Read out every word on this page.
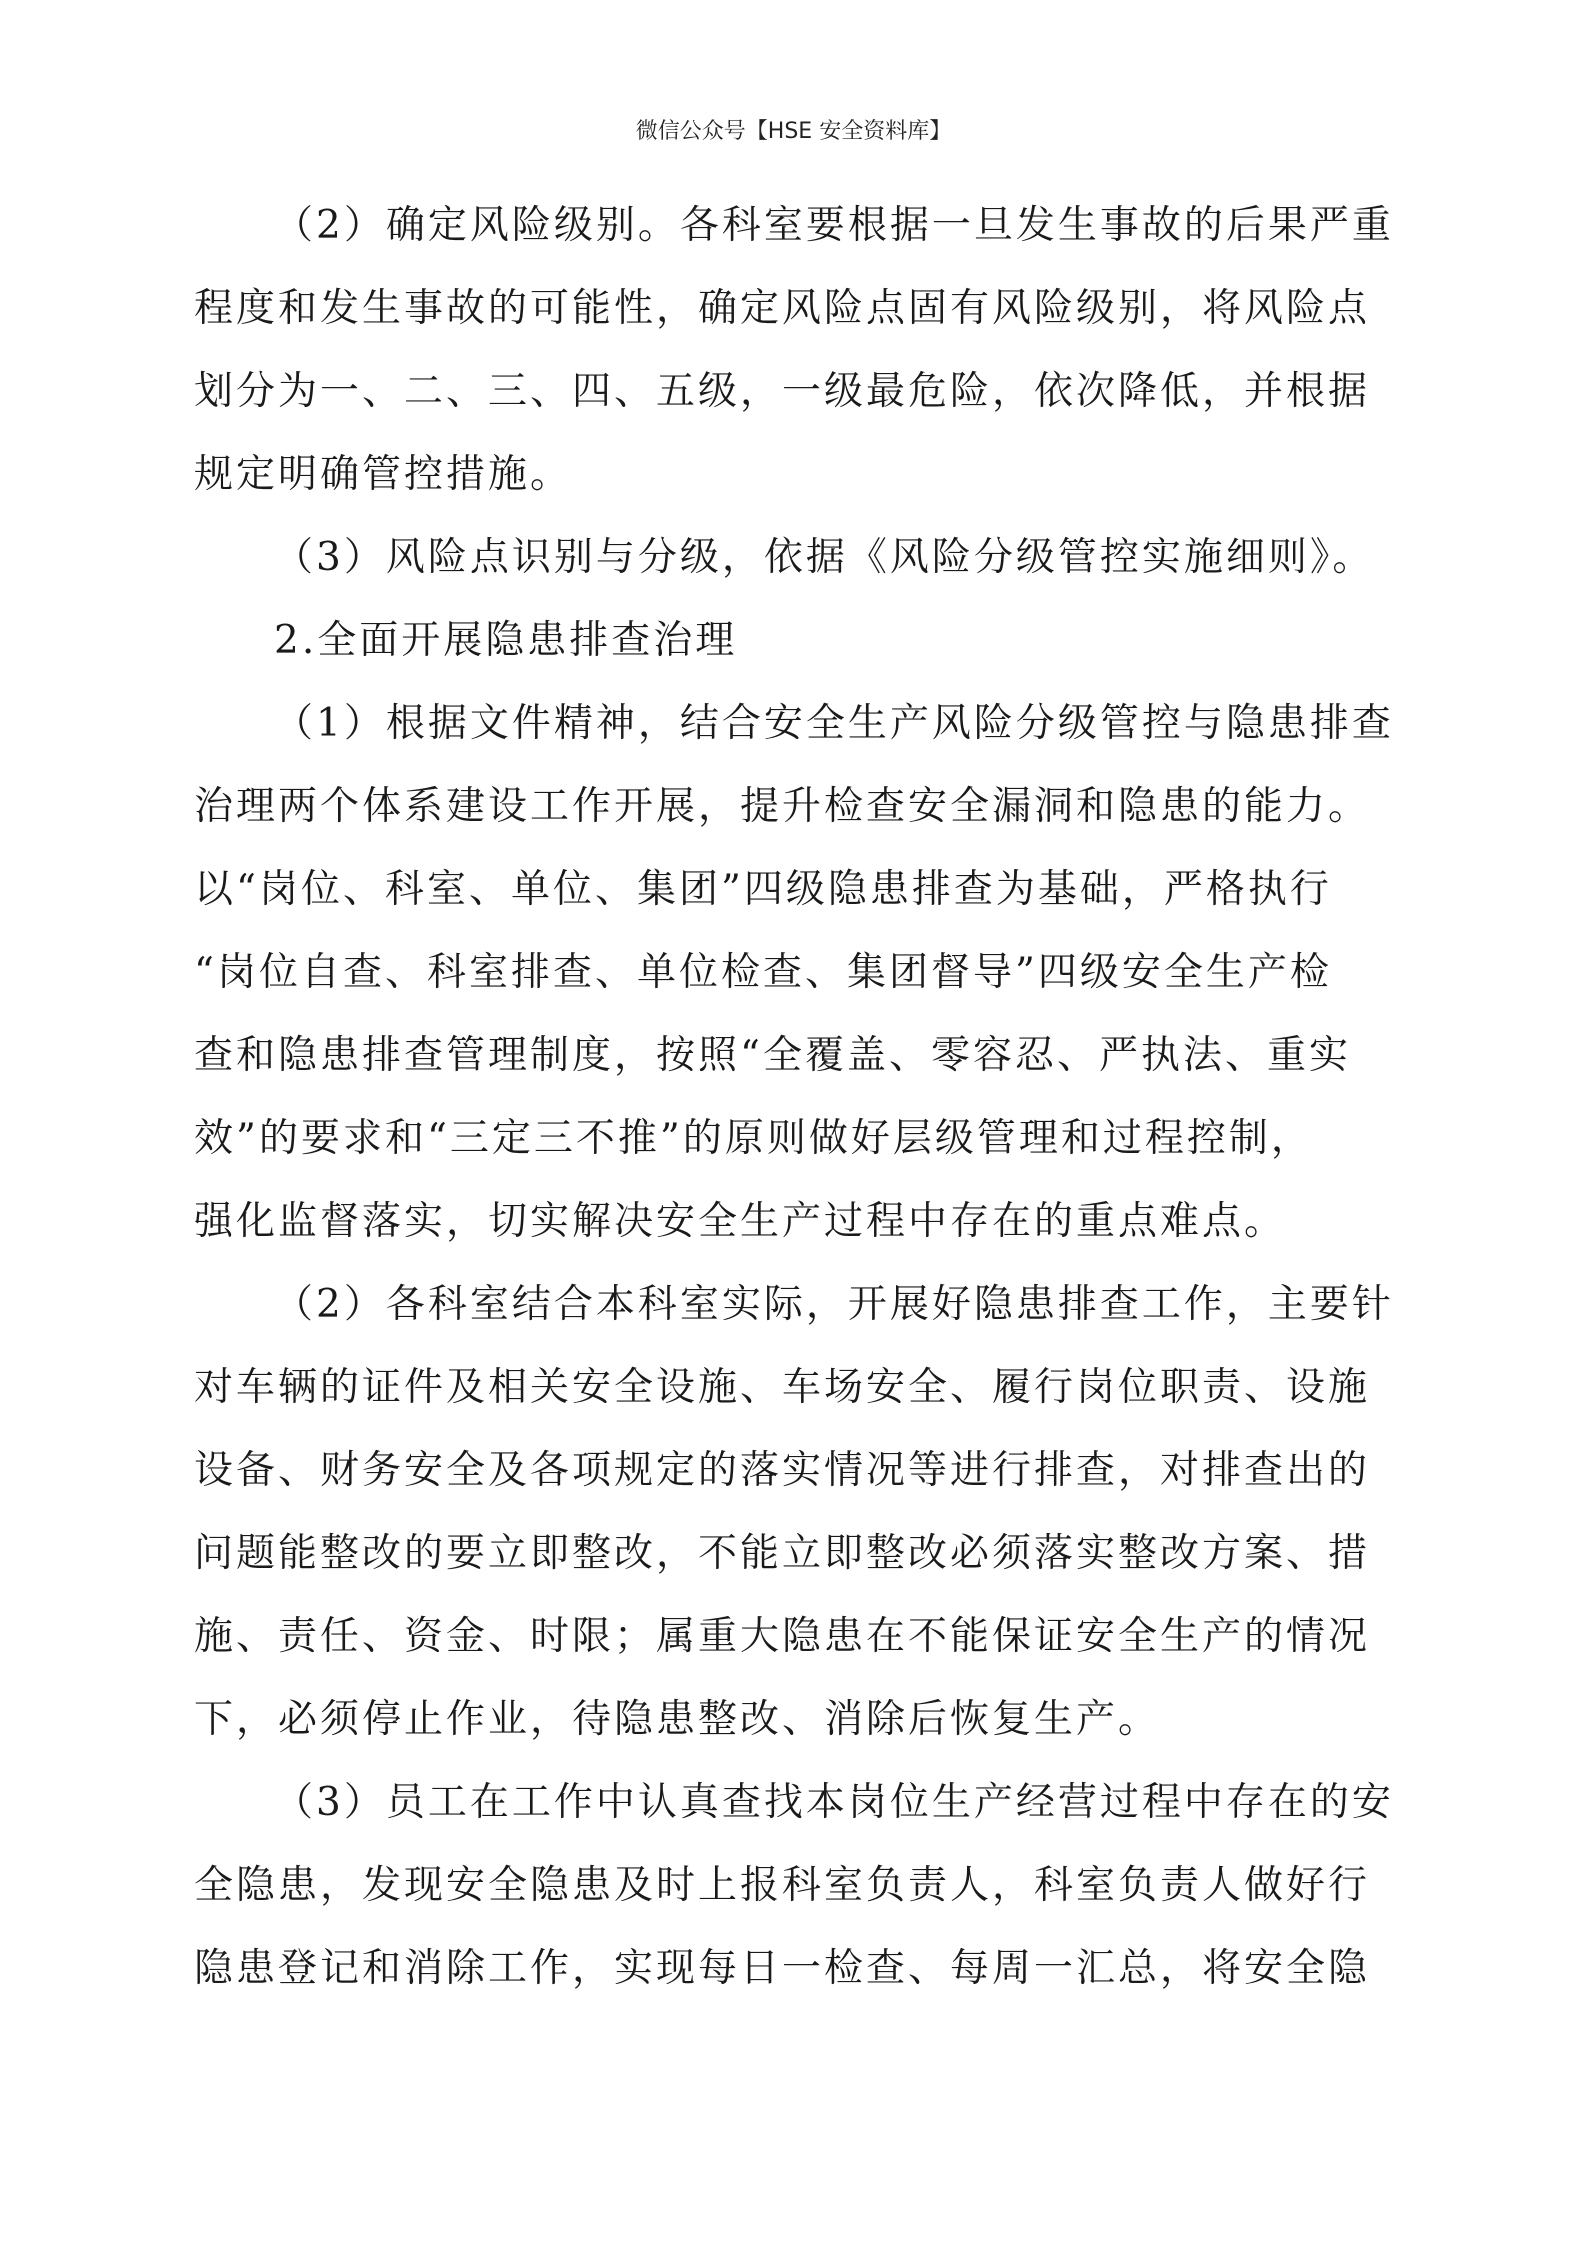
微信公众号【HSE 安全资料库】
（2）确定风险级别。各科室要根据一旦发生事故的后果严重
程度和发生事故的可能性，确定风险点固有风险级别，将风险点
划分为一、二、三、四、五级，一级最危险，依次降低，并根据
规定明确管控措施。
（3）风险点识别与分级，依据《风险分级管控实施细则》。
2.全面开展隐患排查治理
（1）根据文件精神，结合安全生产风险分级管控与隐患排查
治理两个体系建设工作开展，提升检查安全漏洞和隐患的能力。
以“岗位、科室、单位、集团”四级隐患排查为基础，严格执行
“岗位自查、科室排查、单位检查、集团督导”四级安全生产检
查和隐患排查管理制度，按照“全覆盖、零容忍、严执法、重实
效”的要求和“三定三不推”的原则做好层级管理和过程控制，
强化监督落实，切实解决安全生产过程中存在的重点难点。
（2）各科室结合本科室实际，开展好隐患排查工作，主要针
对车辆的证件及相关安全设施、车场安全、履行岗位职责、设施
设备、财务安全及各项规定的落实情况等进行排查，对排查出的
问题能整改的要立即整改，不能立即整改必须落实整改方案、措
施、责任、资金、时限；属重大隐患在不能保证安全生产的情况
下，必须停止作业，待隐患整改、消除后恢复生产。
（3）员工在工作中认真查找本岗位生产经营过程中存在的安
全隐患，发现安全隐患及时上报科室负责人，科室负责人做好行
隐患登记和消除工作，实现每日一检查、每周一汇总，将安全隐
